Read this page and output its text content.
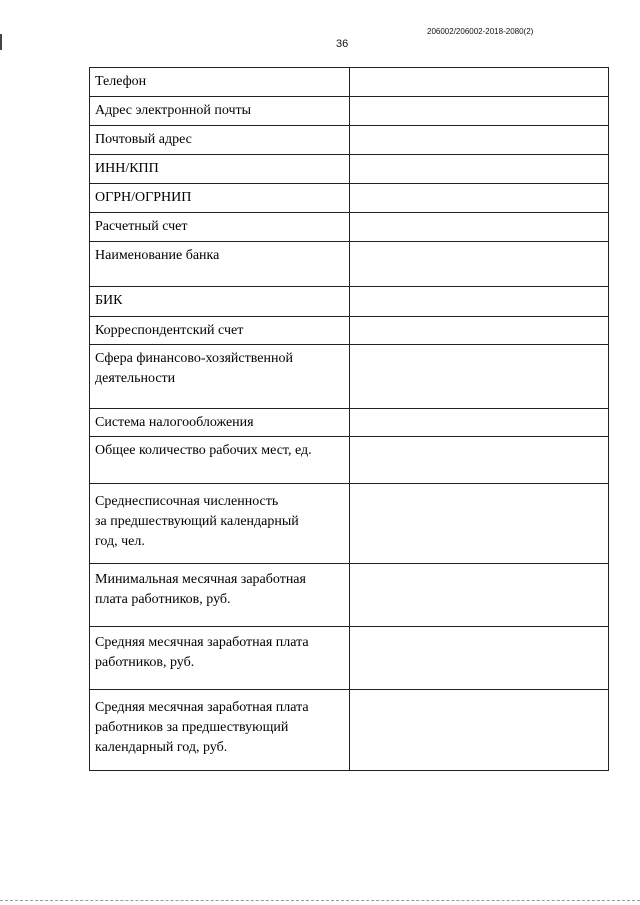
206002/206002-2018-2080(2)
36
Телефон	
Адрес электронной почты	
Почтовый адрес	
ИНН/КПП	
ОГРН/ОГРНИП	
Расчетный счет	
Наименование банка	
БИК	
Корреспондентский счет	
Сфера финансово-хозяйственной
деятельности	
Система налогообложения	
Общее количество рабочих мест, ед.	
Среднесписочная численность
за предшествующий календарный
год, чел.	
Минимальная месячная заработная
плата работников, руб.	
Средняя месячная заработная плата
работников, руб.	
Средняя месячная заработная плата
работников за предшествующий
календарный год, руб.	
